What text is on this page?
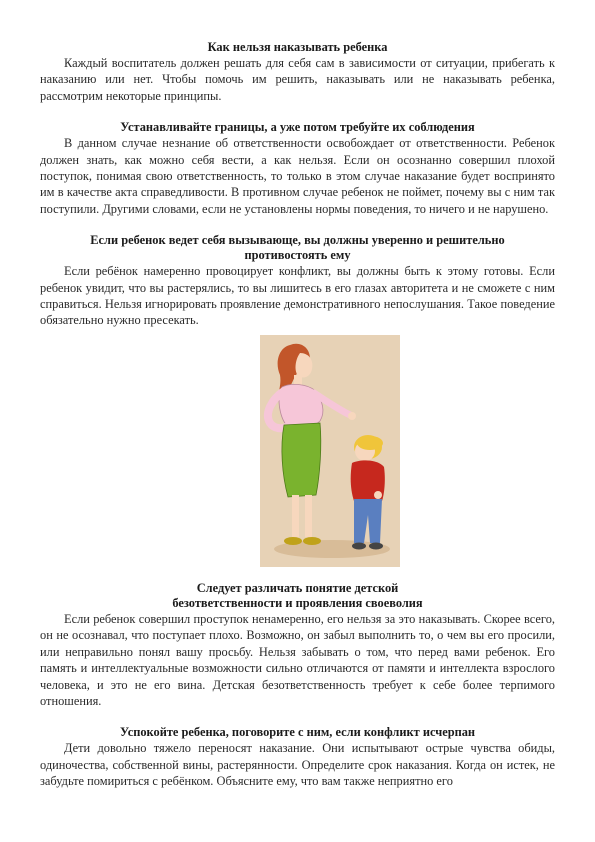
Как нельзя наказывать ребенка

Каждый воспитатель должен решать для себя сам в зависимости от ситуации, прибегать к наказанию или нет. Чтобы помочь им решить, наказывать или не наказывать ребенка, рассмотрим некоторые принципы.

Устанавливайте границы, а уже потом требуйте их соблюдения

В данном случае незнание об ответственности освобождает от ответственности. Ребенок должен знать, как можно себя вести, а как нельзя. Если он осознанно совершил плохой поступок, понимая свою ответственность, то только в этом случае наказание будет воспринято им в качестве акта справедливости. В противном случае ребенок не поймет, почему вы с ним так поступили. Другими словами, если не установлены нормы поведения, то ничего и не нарушено.

Если ребенок ведет себя вызывающе, вы должны уверенно и решительно противостоять ему

Если ребёнок намеренно провоцирует конфликт, вы должны быть к этому готовы. Если ребенок увидит, что вы растерялись, то вы лишитесь в его глазах авторитета и не сможете с ним справиться. Нельзя игнорировать проявление демонстративного непослушания. Такое поведение обязательно нужно пресекать.

Следует различать понятие детской безответственности и проявления своеволия

Если ребенок совершил проступок ненамеренно, его нельзя за это наказывать. Скорее всего, он не осознавал, что поступает плохо. Возможно, он забыл выполнить то, о чем вы его просили, или неправильно понял вашу просьбу. Нельзя забывать о том, что перед вами ребенок. Его память и интеллектуальные возможности сильно отличаются от памяти и интеллекта взрослого человека, и это не его вина. Детская безответственность требует к себе более терпимого отношения.

Успокойте ребенка, поговорите с ним, если конфликт исчерпан

Дети довольно тяжело переносят наказание. Они испытывают острые чувства обиды, одиночества, собственной вины, растерянности. Определите срок наказания. Когда он истек, не забудьте помириться с ребёнком. Объясните ему, что вам также неприятно его
